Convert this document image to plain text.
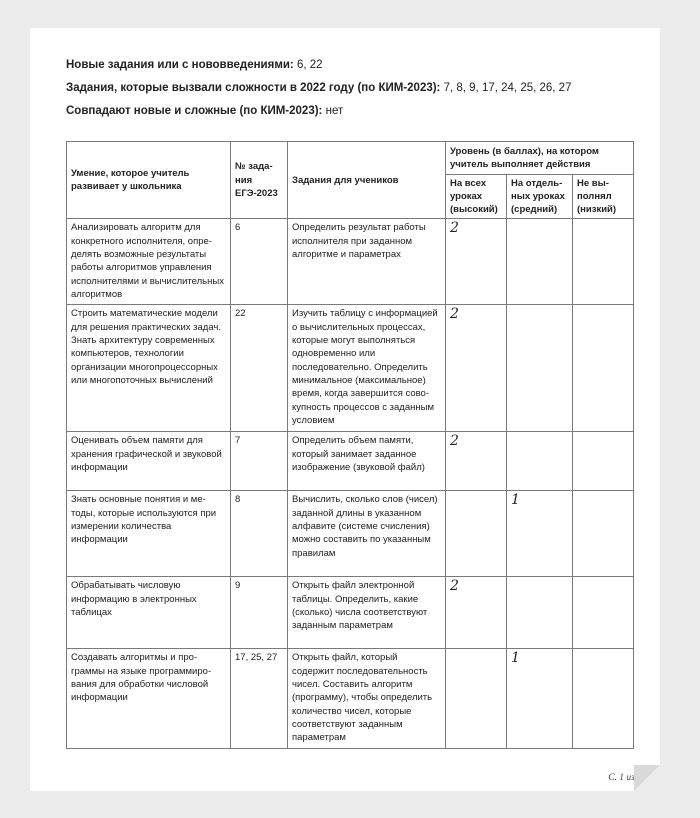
Новые задания или с нововведениями: 6, 22
Задания, которые вызвали сложности в 2022 году (по КИМ-2023): 7, 8, 9, 17, 24, 25, 26, 27
Совпадают новые и сложные (по КИМ-2023): нет
Умение, которое учитель развивает у школьника	№ задания ЕГЭ-2023	Задания для учеников	Уровень (в баллах), на котором учитель выполняет действия		
			На всех уроках (высокий)	На отдельных уроках (средний)	Не выполнял (низкий)
Анализировать алгоритм для конкретного исполнителя, определять возможные результаты работы алгоритмов управления исполнителями и вычислительных алгоритмов	6	Определить результат работы исполнителя при заданном алгоритме и параметрах	2		
Строить математические модели для решения практических задач. Знать архитектуру современных компьютеров, технологии организации многопроцессорных или многопоточных вычислений	22	Изучить таблицу с информацией о вычислительных процессах, которые могут выполняться одновременно или последовательно. Определить минимальное (максимальное) время, когда завершится совокупность процессов с заданным условием	2		
Оценивать объем памяти для хранения графической и звуковой информации	7	Определить объем памяти, который занимает заданное изображение (звуковой файл)	2		
Знать основные понятия и методы, которые используются при измерении количества информации	8	Вычислить, сколько слов (чисел) заданной длины в указанном алфавите (системе счисления) можно составить по указанным правилам		1	
Обрабатывать числовую информацию в электронных таблицах	9	Открыть файл электронной таблицы. Определить, какие (сколько) числа соответствуют заданным параметрам	2		
Создавать алгоритмы и программы на языке программирования для обработки числовой информации	17, 25, 27	Открыть файл, который содержит последовательность чисел. Составить алгоритм (программу), чтобы определить количество чисел, которые соответствуют заданным параметрам		1	
С. 1 из 2
